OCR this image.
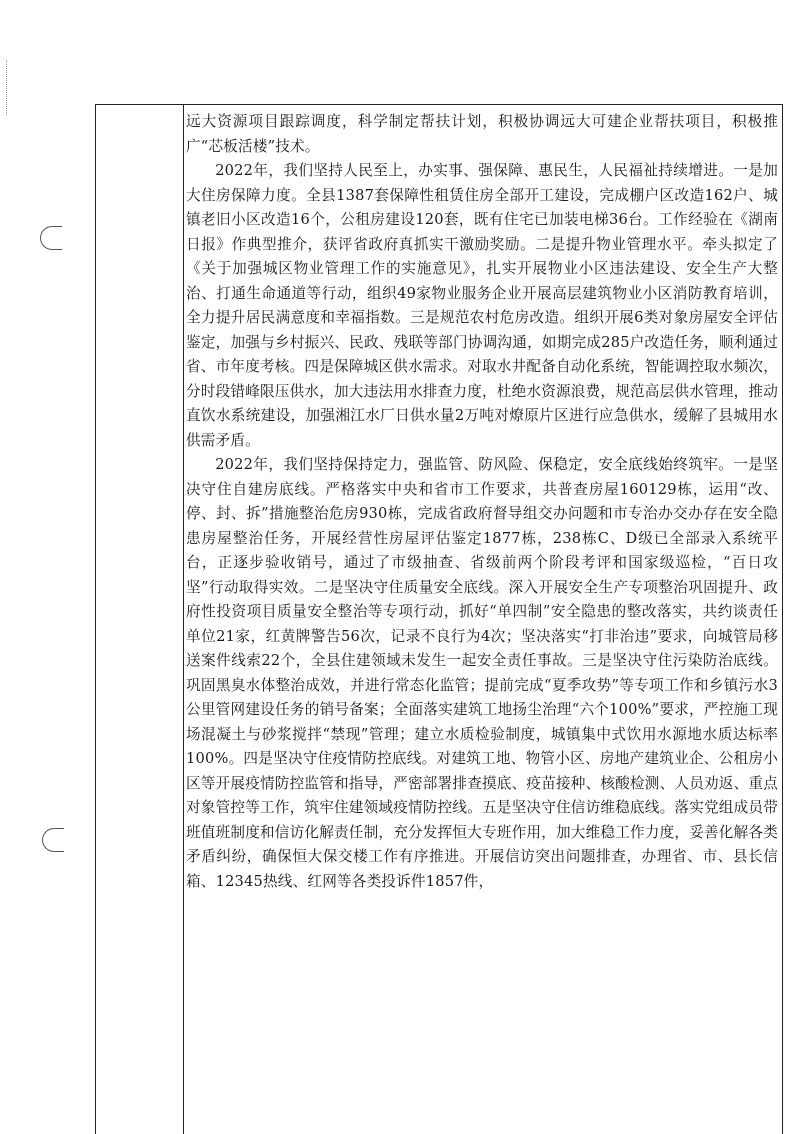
远大资源项目跟踪调度，科学制定帮扶计划，积极协调远大可建企业帮扶项目，积极推广“芯板活楼”技术。

2022年，我们坚持人民至上，办实事、强保障、惠民生，人民福祉持续增进。一是加大住房保障力度。全县1387套保障性租赁住房全部开工建设，完成棚户区改造162户、城镇老旧小区改造16个，公租房建设120套，既有住宅已加装电梯36台。工作经验在《湖南日报》作典型推介，获评省政府真抓实干激励奖励。二是提升物业管理水平。牵头拟定了《关于加强城区物业管理工作的实施意见》，扎实开展物业小区违法建设、安全生产大整治、打通生命通道等行动，组织49家物业服务企业开展高层建筑物业小区消防教育培训，全力提升居民满意度和幸福指数。三是规范农村危房改造。组织开展6类对象房屋安全评估鉴定，加强与乡村振兴、民政、残联等部门协调沟通，如期完成285户改造任务，顺利通过省、市年度考核。四是保障城区供水需求。对取水井配备自动化系统，智能调控取水频次，分时段错峰限压供水，加大违法用水排查力度，杜绝水资源浪费，规范高层供水管理，推动直饮水系统建设，加强湘江水厂日供水量2万吨对燎原片区进行应急供水，缓解了县城用水供需矛盾。

2022年，我们坚持保持定力，强监管、防风险、保稳定，安全底线始终筑牢。一是坚决守住自建房底线。严格落实中央和省市工作要求，共普查房屋160129栋，运用“改、停、封、拆”措施整治危房930栋，完成省政府督导组交办问题和市专治办交办存在安全隐患房屋整治任务，开展经营性房屋评估鉴定1877栋，238栋C、D级已全部录入系统平台，正逐步验收销号，通过了市级抽查、省级前两个阶段考评和国家级巡检，“百日攻坚”行动取得实效。二是坚决守住质量安全底线。深入开展安全生产专项整治巩固提升、政府性投资项目质量安全整治等专项行动，抓好“单四制”安全隐患的整改落实，共约谈责任单位21家，红黄牌警告56次，记录不良行为4次；坚决落实“打非治违”要求，向城管局移送案件线索22个，全县住建领域未发生一起安全责任事故。三是坚决守住污染防治底线。巩固黑臭水体整治成效，并进行常态化监管；提前完成“夏季攻势”等专项工作和乡镇污水3公里管网建设任务的销号备案；全面落实建筑工地扬尘治理“六个100%”要求，严控施工现场混凝土与砂浆搅拌“禁现”管理；建立水质检验制度，城镇集中式饮用水源地水质达标率100%。四是坚决守住疫情防控底线。对建筑工地、物管小区、房地产建筑业企、公租房小区等开展疫情防控监管和指导，严密部署排查摸底、疫苗接种、核酸检测、人员劝返、重点对象管控等工作，筑牢住建领域疫情防控线。五是坚决守住信访维稳底线。落实党组成员带班值班制度和信访化解责任制，充分发挥恒大专班作用，加大维稳工作力度，妥善化解各类矛盾纠纷，确保恒大保交楼工作有序推进。开展信访突出问题排查，办理省、市、县长信箱、12345热线、红网等各类投诉件1857件，
